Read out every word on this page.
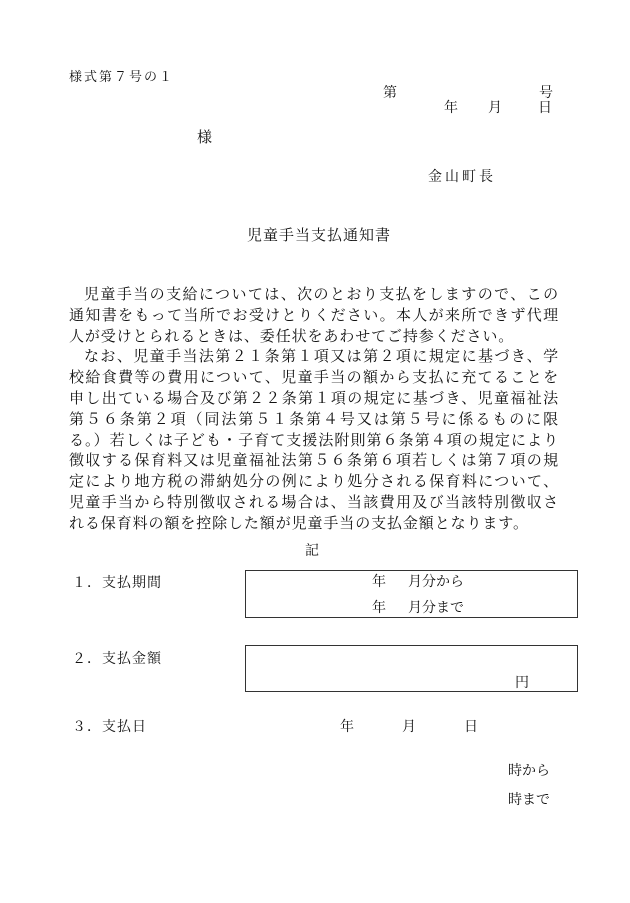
様式第７号の１
第	号
年 月	日
様
金山町長
児童手当支払通知書

児童手当の支給については、次のとおり支払をしますので、この通知書をもって当所でお受けとりください。本人が来所できず代理人が受けとられるときは、委任状をあわせてご持参ください。

なお、児童手当法第２１条第１項又は第２項に規定に基づき、学校給食費等の費用について、児童手当の額から支払に充てることを申し出ている場合及び第２２条第１項の規定に基づき、児童福祉法第５６条第２項（同法第５１条第４号又は第５号に係るものに限る。）若しくは子ども・子育て支援法附則第６条第４項の規定により徴収する保育料又は児童福祉法第５６条第６項若しくは第７項の規定により地方税の滞納処分の例により処分される保育料について、児童手当から特別徴収される場合は、当該費用及び当該特別徴収される保育料の額を控除した額が児童手当の支払金額となります。

記
１．支払期間	年 月分から
年 月分まで
２．支払金額
円
３．支払日	年	月	日
時から
時まで
